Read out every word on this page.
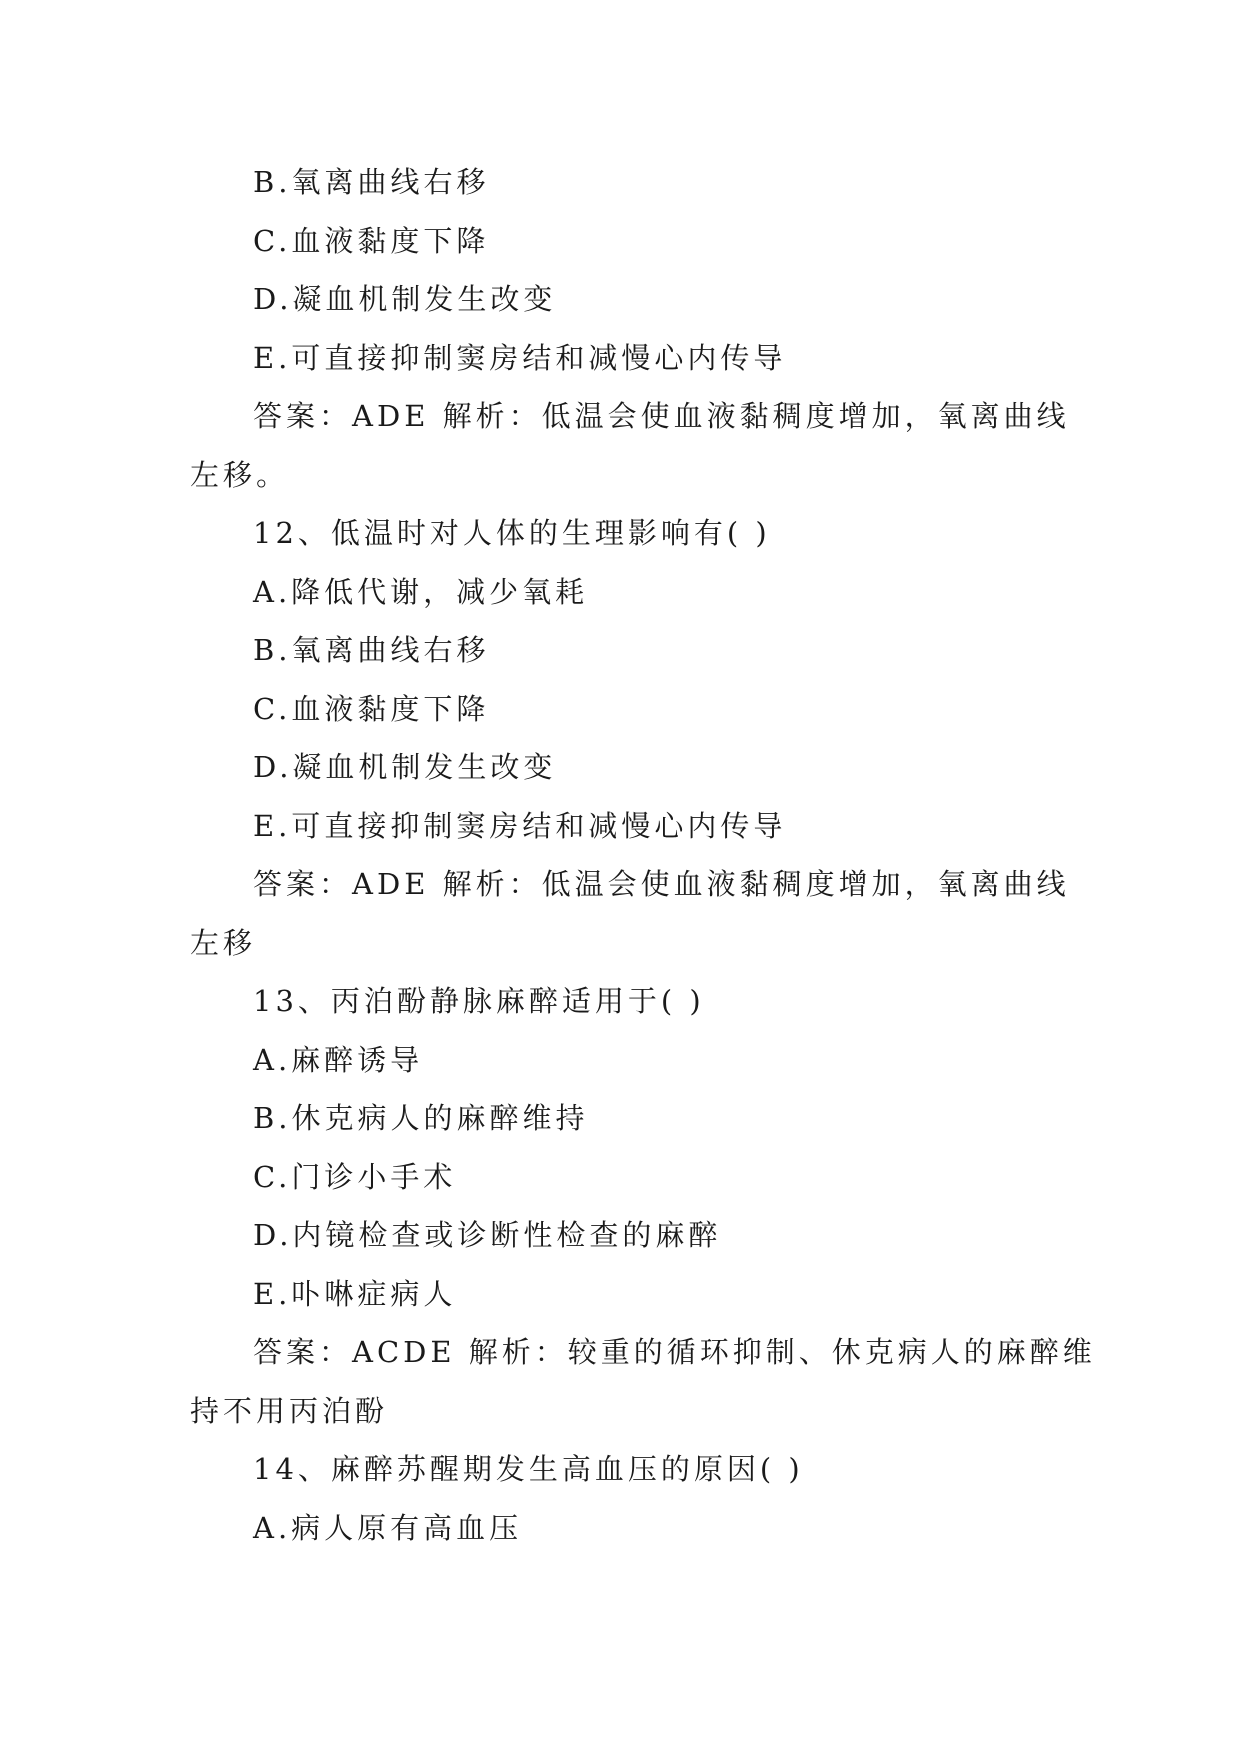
B.氧离曲线右移
C.血液黏度下降
D.凝血机制发生改变
E.可直接抑制窦房结和减慢心内传导
答案：ADE 解析：低温会使血液黏稠度增加，氧离曲线
左移。
12、低温时对人体的生理影响有( )
A.降低代谢，减少氧耗
B.氧离曲线右移
C.血液黏度下降
D.凝血机制发生改变
E.可直接抑制窦房结和减慢心内传导
答案：ADE 解析：低温会使血液黏稠度增加，氧离曲线
左移
13、丙泊酚静脉麻醉适用于( )
A.麻醉诱导
B.休克病人的麻醉维持
C.门诊小手术
D.内镜检查或诊断性检查的麻醉
E.卟啉症病人
答案：ACDE 解析：较重的循环抑制、休克病人的麻醉维
持不用丙泊酚
14、麻醉苏醒期发生高血压的原因( )
A.病人原有高血压
